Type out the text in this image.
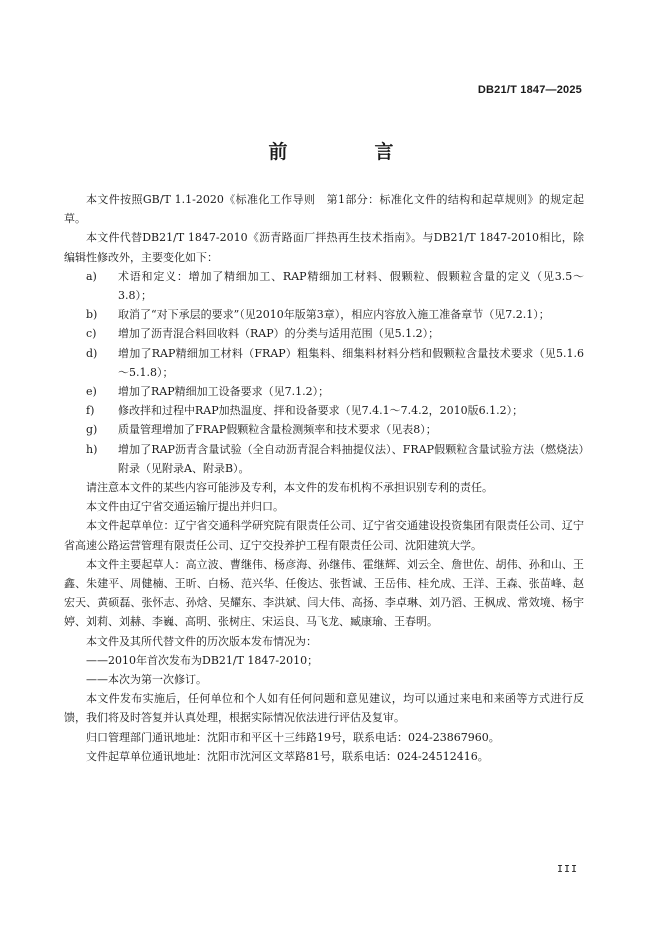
DB21/T 1847—2025
前　言

本文件按照GB/T 1.1-2020《标准化工作导则　第1部分：标准化文件的结构和起草规则》的规定起草。

本文件代替DB21/T 1847-2010《沥青路面厂拌热再生技术指南》。与DB21/T 1847-2010相比，除编辑性修改外，主要变化如下：

a)	术语和定义：增加了精细加工、RAP精细加工材料、假颗粒、假颗粒含量的定义（见3.5～3.8）；
b)	取消了“对下承层的要求”（见2010年版第3章），相应内容放入施工准备章节（见7.2.1）；
c)	增加了沥青混合料回收料（RAP）的分类与适用范围（见5.1.2）；
d)	增加了RAP精细加工材料（FRAP）粗集料、细集料材料分档和假颗粒含量技术要求（见5.1.6～5.1.8）；
e)	增加了RAP精细加工设备要求（见7.1.2）；
f)	修改拌和过程中RAP加热温度、拌和设备要求（见7.4.1～7.4.2，2010版6.1.2）；
g)	质量管理增加了FRAP假颗粒含量检测频率和技术要求（见表8）；
h)	增加了RAP沥青含量试验（全自动沥青混合料抽提仪法）、FRAP假颗粒含量试验方法（燃烧法）附录（见附录A、附录B）。

请注意本文件的某些内容可能涉及专利，本文件的发布机构不承担识别专利的责任。

本文件由辽宁省交通运输厅提出并归口。

本文件起草单位：辽宁省交通科学研究院有限责任公司、辽宁省交通建设投资集团有限责任公司、辽宁省高速公路运营管理有限责任公司、辽宁交投养护工程有限责任公司、沈阳建筑大学。

本文件主要起草人：高立波、曹继伟、杨彦海、孙继伟、霍继辉、刘云全、詹世佐、胡伟、孙和山、王鑫、朱建平、周健楠、王昕、白杨、范兴华、任俊达、张哲诚、王岳伟、桂允成、王洋、王森、张苗峰、赵宏天、黄硕磊、张怀志、孙焓、吴耀东、李洪斌、闫大伟、高扬、李卓琳、刘乃滔、王枫成、常效境、杨宇婷、刘莉、刘赫、李巍、高明、张树庄、宋运良、马飞龙、臧康瑜、王春明。

本文件及其所代替文件的历次版本发布情况为：

——2010年首次发布为DB21/T 1847-2010；

——本次为第一次修订。

本文件发布实施后，任何单位和个人如有任何问题和意见建议，均可以通过来电和来函等方式进行反馈，我们将及时答复并认真处理，根据实际情况依法进行评估及复审。

归口管理部门通讯地址：沈阳市和平区十三纬路19号，联系电话：024-23867960。

文件起草单位通讯地址：沈阳市沈河区文萃路81号，联系电话：024-24512416。

III
